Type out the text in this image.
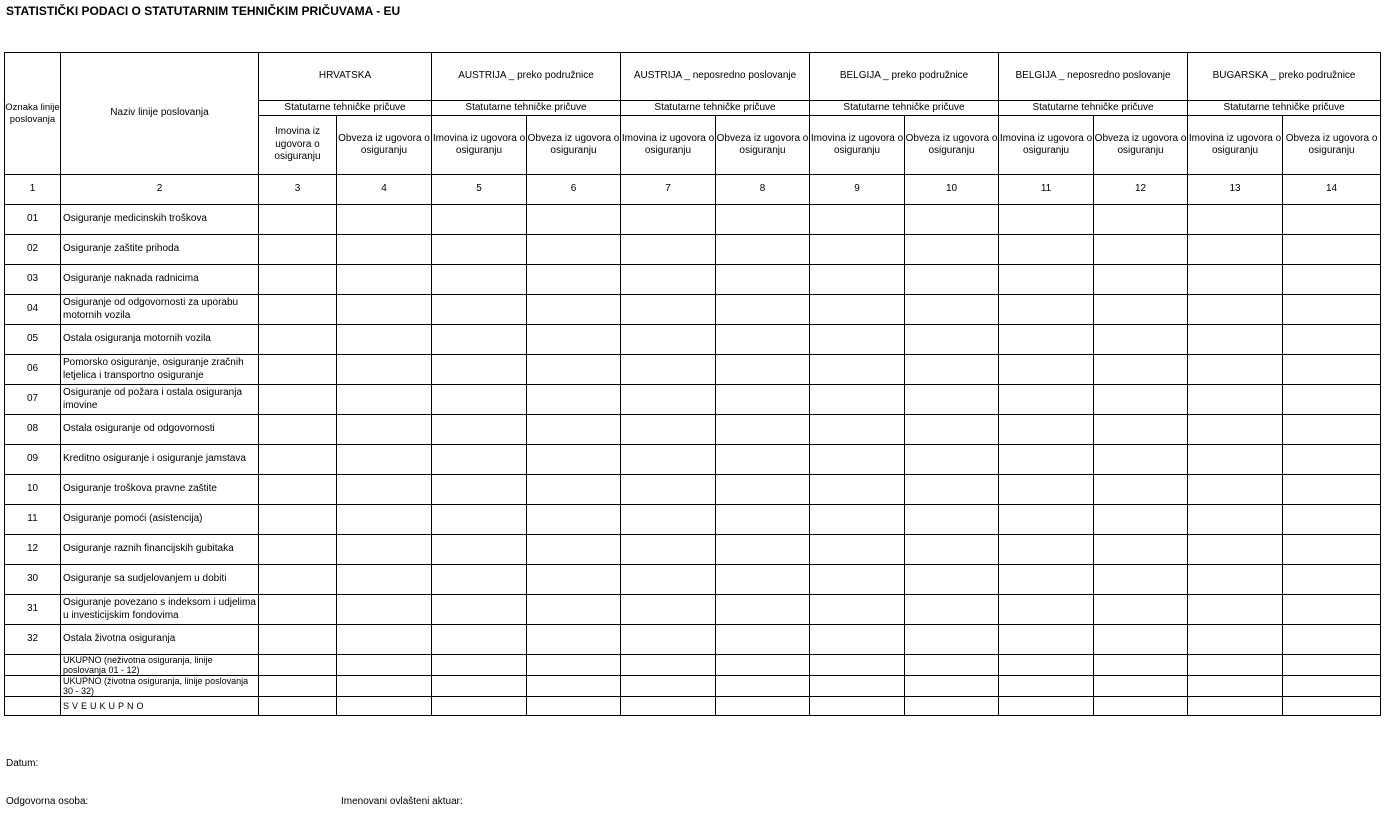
STATISTIČKI PODACI O STATUTARNIM TEHNIČKIM PRIČUVAMA - EU
Oznaka linije poslovanja	Naziv linije poslovanja	HRVATSKA		AUSTRIJA _ preko podružnice		AUSTRIJA _ neposredno poslovanje		BELGIJA _ preko podružnice		BELGIJA _ neposredno poslovanje		BUGARSKA _ preko podružnice	
		Statutarne tehničke pričuve		Statutarne tehničke pričuve		Statutarne tehničke pričuve		Statutarne tehničke pričuve		Statutarne tehničke pričuve		Statutarne tehničke pričuve	
		Imovina iz ugovora o osiguranju	Obveza iz ugovora o osiguranju	Imovina iz ugovora o osiguranju	Obveza iz ugovora o osiguranju	Imovina iz ugovora o osiguranju	Obveza iz ugovora o osiguranju	Imovina iz ugovora o osiguranju	Obveza iz ugovora o osiguranju	Imovina iz ugovora o osiguranju	Obveza iz ugovora o osiguranju	Imovina iz ugovora o osiguranju	Obveza iz ugovora o osiguranju
1	2	3	4	5	6	7	8	9	10	11	12	13	14
01	Osiguranje medicinskih troškova												
02	Osiguranje zaštite prihoda												
03	Osiguranje naknada radnicima												
04	Osiguranje od odgovornosti za uporabu motornih vozila												
05	Ostala osiguranja motornih vozila												
06	Pomorsko osiguranje, osiguranje zračnih letjelica i transportno osiguranje												
07	Osiguranje od požara i ostala osiguranja imovine												
08	Ostala osiguranje od odgovornosti												
09	Kreditno osiguranje i osiguranje jamstava												
10	Osiguranje troškova pravne zaštite												
11	Osiguranje pomoći (asistencija)												
12	Osiguranje raznih financijskih gubitaka												
30	Osiguranje sa sudjelovanjem u dobiti												
31	Osiguranje povezano s indeksom i udjelima u investicijskim fondovima												
32	Ostala životna osiguranja												
	UKUPNO (neživotna osiguranja, linije poslovanja 01 - 12)												
	UKUPNO (životna osiguranja, linije poslovanja 30 - 32)												
	SVEUKUPNO												
Datum:
Odgovorna osoba:	Imenovani ovlašteni aktuar:
